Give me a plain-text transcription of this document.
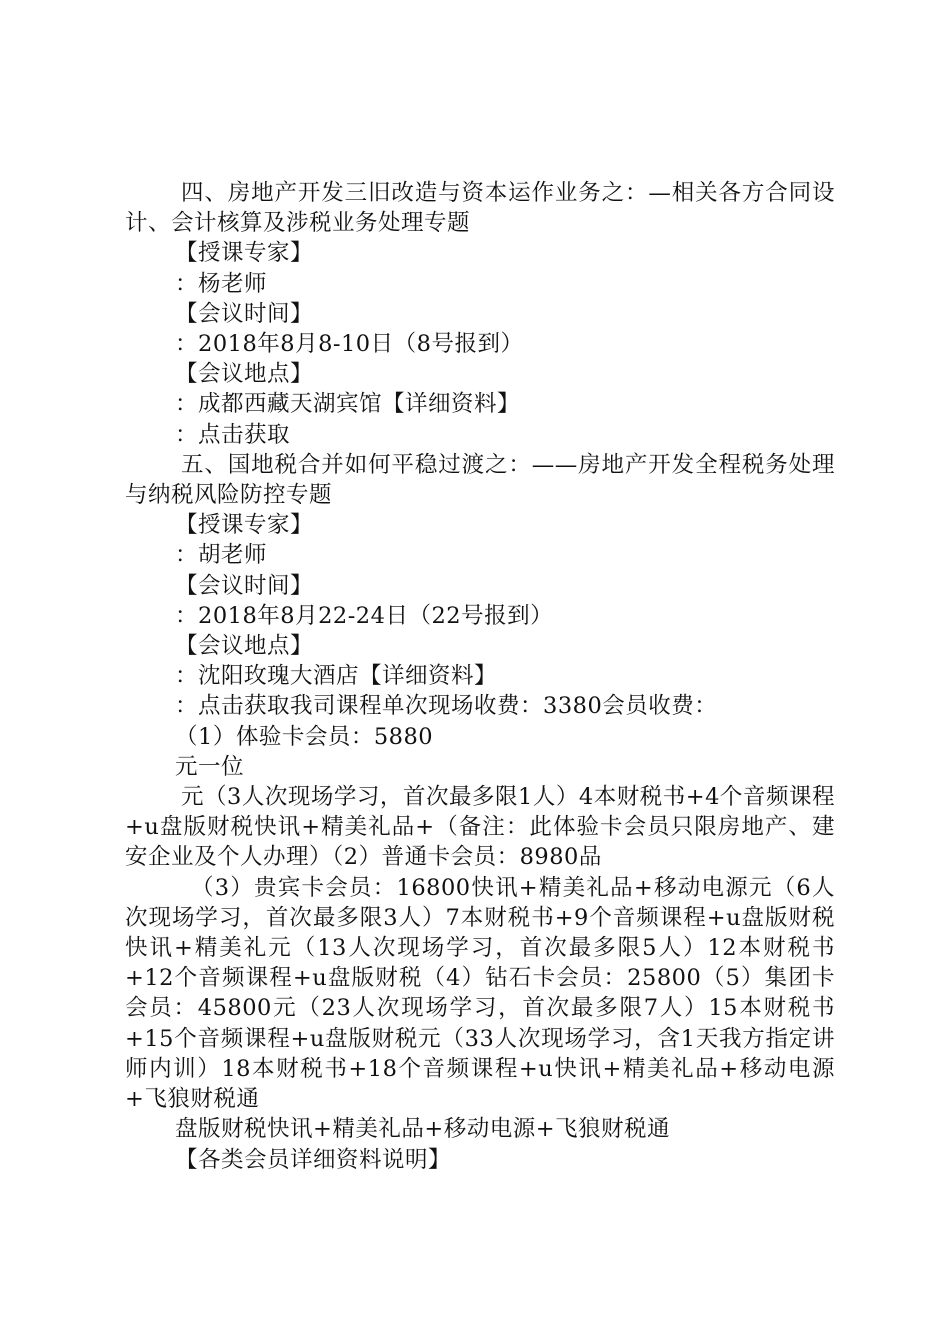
四、房地产开发三旧改造与资本运作业务之：—相关各方合同设计、会计核算及涉税业务处理专题

【授课专家】

：杨老师

【会议时间】

：2018年8月8-10日（8号报到）

【会议地点】

：成都西藏天湖宾馆【详细资料】

：点击获取

五、国地税合并如何平稳过渡之：——房地产开发全程税务处理与纳税风险防控专题

【授课专家】

：胡老师

【会议时间】

：2018年8月22-24日（22号报到）

【会议地点】

：沈阳玫瑰大酒店【详细资料】

：点击获取我司课程单次现场收费：3380会员收费：

（1）体验卡会员：5880

元一位

元（3人次现场学习，首次最多限1人）4本财税书+4个音频课程+u盘版财税快讯+精美礼品+（备注：此体验卡会员只限房地产、建安企业及个人办理）（2）普通卡会员：8980品

（3）贵宾卡会员：16800快讯+精美礼品+移动电源元（6人次现场学习，首次最多限3人）7本财税书+9个音频课程+u盘版财税快讯+精美礼元（13人次现场学习，首次最多限5人）12本财税书+12个音频课程+u盘版财税（4）钻石卡会员：25800（5）集团卡会员：45800元（23人次现场学习，首次最多限7人）15本财税书+15个音频课程+u盘版财税元（33人次现场学习，含1天我方指定讲师内训）18本财税书+18个音频课程+u快讯+精美礼品+移动电源+飞狼财税通

盘版财税快讯+精美礼品+移动电源+飞狼财税通

【各类会员详细资料说明】
